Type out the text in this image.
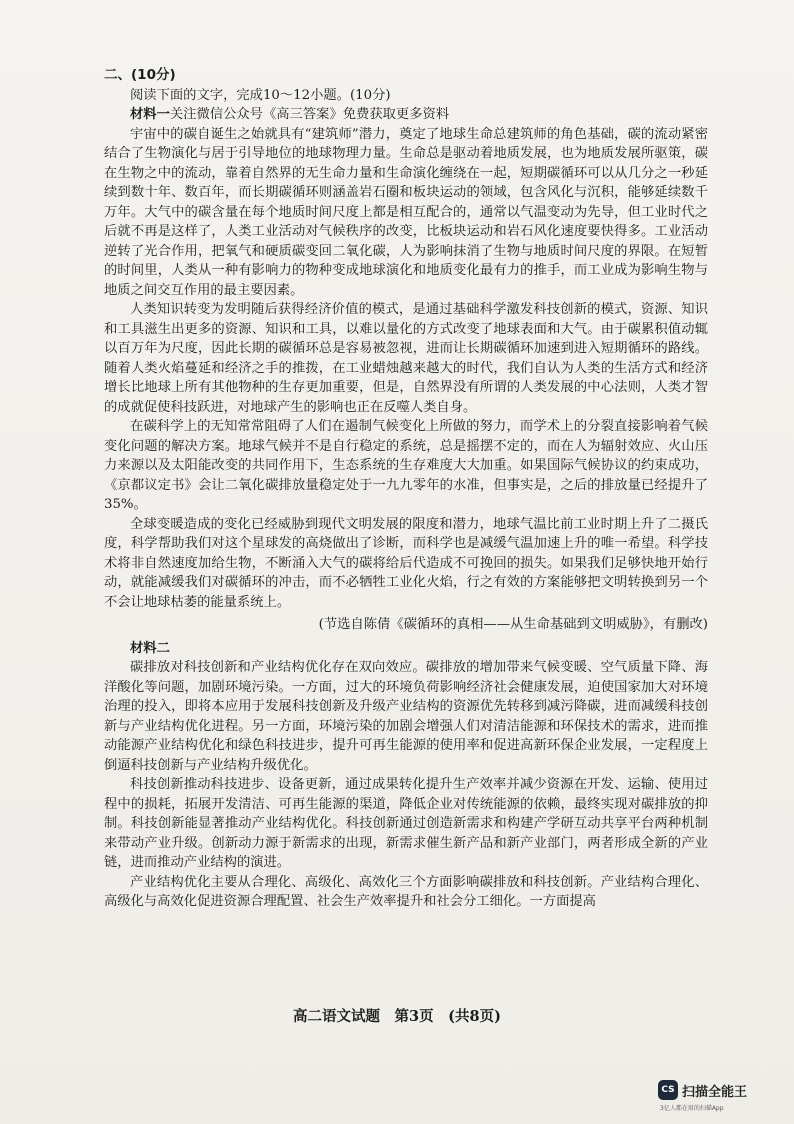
二、(10分)
阅读下面的文字，完成10～12小题。(10分)
材料一关注微信公众号《高三答案》免费获取更多资料

宇宙中的碳自诞生之始就具有“建筑师”潜力，奠定了地球生命总建筑师的角色基础，碳的流动紧密结合了生物演化与居于引导地位的地球物理力量。生命总是驱动着地质发展，也为地质发展所驱策，碳在生物之中的流动，靠着自然界的无生命力量和生命演化缠绕在一起，短期碳循环可以从几分之一秒延续到数十年、数百年，而长期碳循环则涵盖岩石圈和板块运动的领域，包含风化与沉积，能够延续数千万年。大气中的碳含量在每个地质时间尺度上都是相互配合的，通常以气温变动为先导，但工业时代之后就不再是这样了，人类工业活动对气候秩序的改变，比板块运动和岩石风化速度要快得多。工业活动逆转了光合作用，把氧气和硬质碳变回二氧化碳，人为影响抹消了生物与地质时间尺度的界限。在短暂的时间里，人类从一种有影响力的物种变成地球演化和地质变化最有力的推手，而工业成为影响生物与地质之间交互作用的最主要因素。

人类知识转变为发明随后获得经济价值的模式，是通过基础科学激发科技创新的模式，资源、知识和工具滋生出更多的资源、知识和工具，以难以量化的方式改变了地球表面和大气。由于碳累积值动辄以百万年为尺度，因此长期的碳循环总是容易被忽视，进而让长期碳循环加速到进入短期循环的路线。随着人类火焰蔓延和经济之手的推拨，在工业蜡烛越来越大的时代，我们自认为人类的生活方式和经济增长比地球上所有其他物种的生存更加重要，但是，自然界没有所谓的人类发展的中心法则，人类才智的成就促使科技跃进，对地球产生的影响也正在反噬人类自身。

在碳科学上的无知常常阻碍了人们在遏制气候变化上所做的努力，而学术上的分裂直接影响着气候变化问题的解决方案。地球气候并不是自行稳定的系统，总是摇摆不定的，而在人为辐射效应、火山压力来源以及太阳能改变的共同作用下，生态系统的生存难度大大加重。如果国际气候协议的约束成功，《京都议定书》会让二氧化碳排放量稳定处于一九九零年的水准，但事实是，之后的排放量已经提升了35%。

全球变暖造成的变化已经威胁到现代文明发展的限度和潜力，地球气温比前工业时期上升了二摄氏度，科学帮助我们对这个星球发的高烧做出了诊断，而科学也是减缓气温加速上升的唯一希望。科学技术将非自然速度加给生物，不断涌入大气的碳将给后代造成不可挽回的损失。如果我们足够快地开始行动，就能减缓我们对碳循环的冲击，而不必牺牲工业化火焰，行之有效的方案能够把文明转换到另一个不会让地球枯萎的能量系统上。

(节选自陈倩《碳循环的真相——从生命基础到文明威胁》，有删改)
材料二

碳排放对科技创新和产业结构优化存在双向效应。碳排放的增加带来气候变暖、空气质量下降、海洋酸化等问题，加剧环境污染。一方面，过大的环境负荷影响经济社会健康发展，迫使国家加大对环境治理的投入，即将本应用于发展科技创新及升级产业结构的资源优先转移到减污降碳，进而减缓科技创新与产业结构优化进程。另一方面，环境污染的加剧会增强人们对清洁能源和环保技术的需求，进而推动能源产业结构优化和绿色科技进步，提升可再生能源的使用率和促进高新环保企业发展，一定程度上倒逼科技创新与产业结构升级优化。

科技创新推动科技进步、设备更新，通过成果转化提升生产效率并减少资源在开发、运输、使用过程中的损耗，拓展开发清洁、可再生能源的渠道，降低企业对传统能源的依赖，最终实现对碳排放的抑制。科技创新能显著推动产业结构优化。科技创新通过创造新需求和构建产学研互动共享平台两种机制来带动产业升级。创新动力源于新需求的出现，新需求催生新产品和新产业部门，两者形成全新的产业链，进而推动产业结构的演进。

产业结构优化主要从合理化、高级化、高效化三个方面影响碳排放和科技创新。产业结构合理化、高级化与高效化促进资源合理配置、社会生产效率提升和社会分工细化。一方面提高

高二语文试题　第3页　(共8页)
CS 扫描全能王
3亿人都在用的扫描App
